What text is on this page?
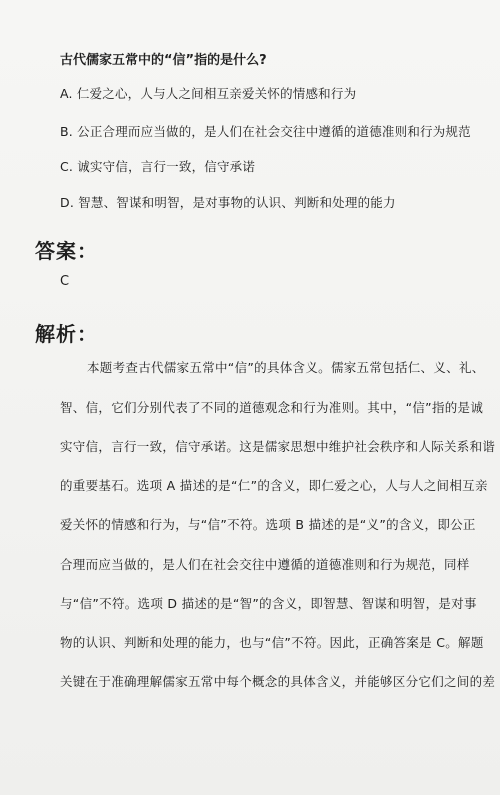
古代儒家五常中的“信”指的是什么?
A. 仁爱之心，人与人之间相互亲爱关怀的情感和行为
B. 公正合理而应当做的，是人们在社会交往中遵循的道德准则和行为规范
C. 诚实守信，言行一致，信守承诺
D. 智慧、智谋和明智，是对事物的认识、判断和处理的能力
答案：
C
解析：
本题考查古代儒家五常中“信”的具体含义。儒家五常包括仁、义、礼、
智、信，它们分别代表了不同的道德观念和行为准则。其中，“信”指的是诚
实守信，言行一致，信守承诺。这是儒家思想中维护社会秩序和人际关系和谐
的重要基石。选项 A 描述的是“仁”的含义，即仁爱之心，人与人之间相互亲
爱关怀的情感和行为，与“信”不符。选项 B 描述的是“义”的含义，即公正
合理而应当做的，是人们在社会交往中遵循的道德准则和行为规范，同样
与“信”不符。选项 D 描述的是“智”的含义，即智慧、智谋和明智，是对事
物的认识、判断和处理的能力，也与“信”不符。因此，正确答案是 C。解题
关键在于准确理解儒家五常中每个概念的具体含义，并能够区分它们之间的差
